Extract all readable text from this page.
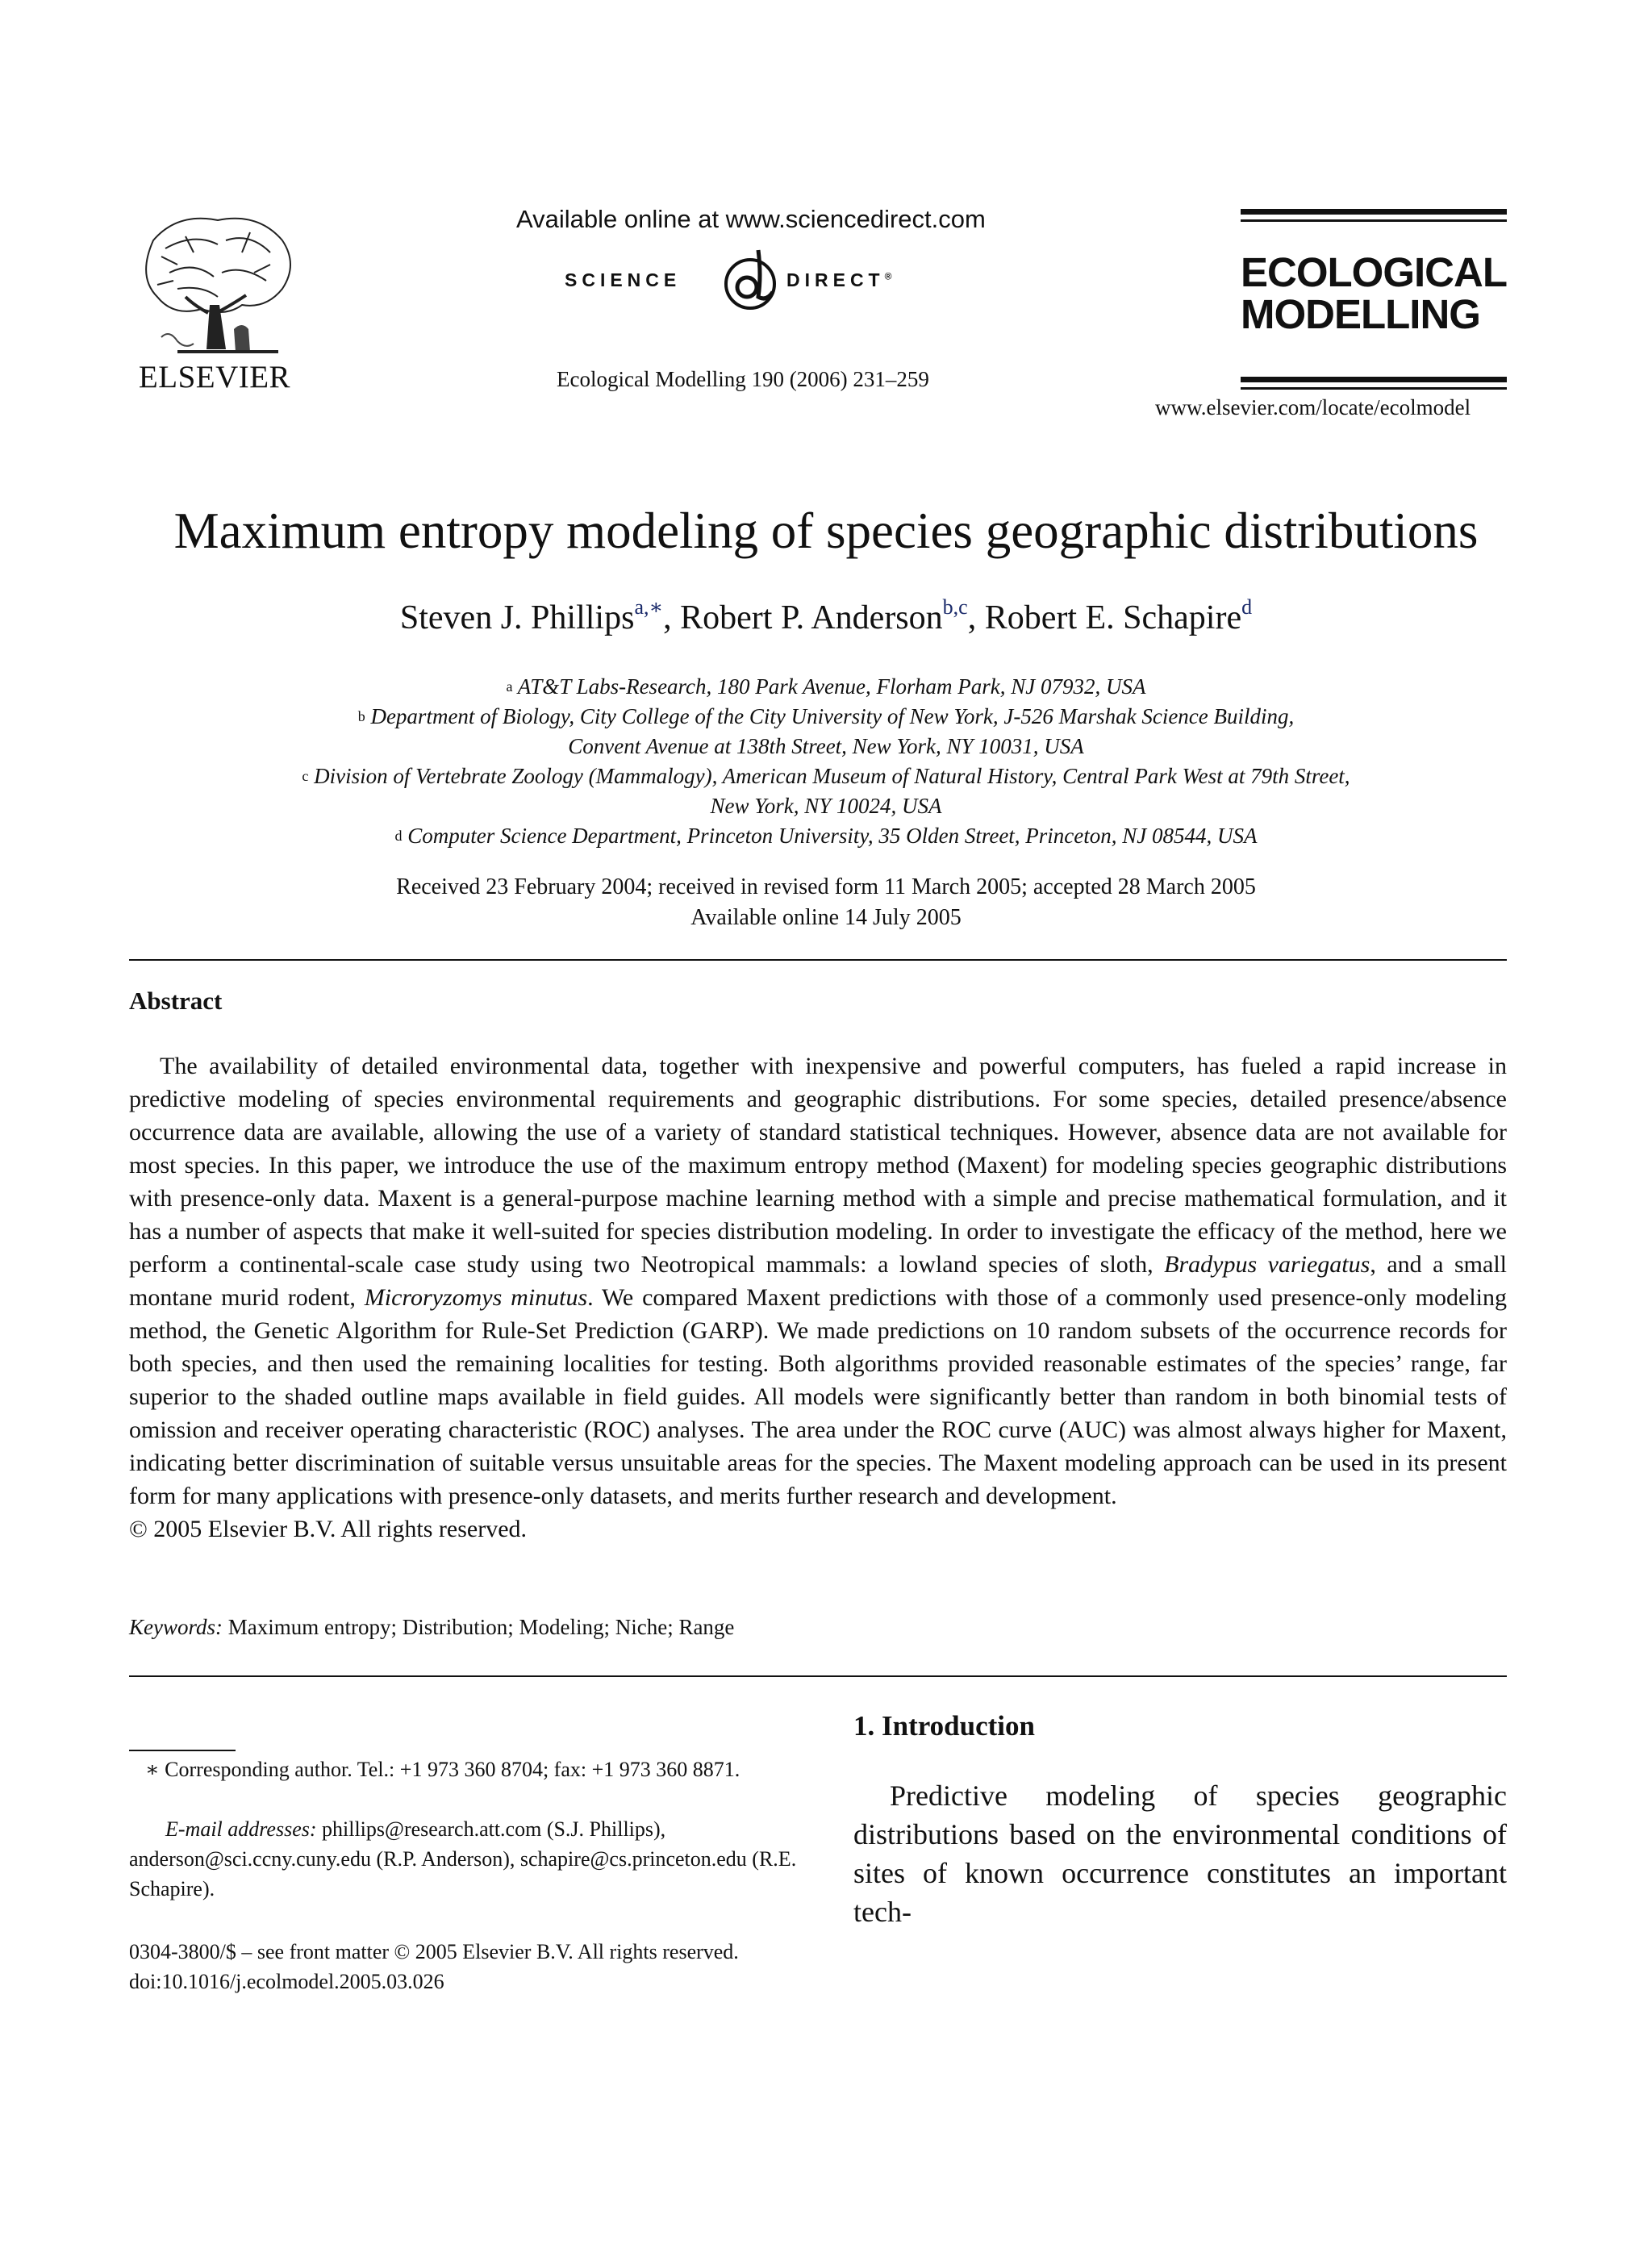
ELSEVIER
Available online at www.sciencedirect.com
SCIENCE	DIRECT®
Ecological Modelling 190 (2006) 231–259
ECOLOGICAL
MODELLING
www.elsevier.com/locate/ecolmodel
Maximum entropy modeling of species geographic distributions
Steven J. Phillips$^{a,∗}$, Robert P. Anderson$^{b,c}$, Robert E. Schapire$^d$
$^a$ AT&T Labs-Research, 180 Park Avenue, Florham Park, NJ 07932, USA
$^b$ Department of Biology, City College of the City University of New York, J-526 Marshak Science Building,
Convent Avenue at 138th Street, New York, NY 10031, USA
$^c$ Division of Vertebrate Zoology (Mammalogy), American Museum of Natural History, Central Park West at 79th Street,
New York, NY 10024, USA
$^d$ Computer Science Department, Princeton University, 35 Olden Street, Princeton, NJ 08544, USA
Received 23 February 2004; received in revised form 11 March 2005; accepted 28 March 2005
Available online 14 July 2005
Abstract
The availability of detailed environmental data, together with inexpensive and powerful computers, has fueled a rapid increase in predictive modeling of species environmental requirements and geographic distributions. For some species, detailed presence/absence occurrence data are available, allowing the use of a variety of standard statistical techniques. However, absence data are not available for most species. In this paper, we introduce the use of the maximum entropy method (Maxent) for modeling species geographic distributions with presence-only data. Maxent is a general-purpose machine learning method with a simple and precise mathematical formulation, and it has a number of aspects that make it well-suited for species distribution modeling. In order to investigate the efficacy of the method, here we perform a continental-scale case study using two Neotropical mammals: a lowland species of sloth, Bradypus variegatus, and a small montane murid rodent, Microryzomys minutus. We compared Maxent predictions with those of a commonly used presence-only modeling method, the Genetic Algorithm for Rule-Set Prediction (GARP). We made predictions on 10 random subsets of the occurrence records for both species, and then used the remaining localities for testing. Both algorithms provided reasonable estimates of the species’ range, far superior to the shaded outline maps available in field guides. All models were significantly better than random in both binomial tests of omission and receiver operating characteristic (ROC) analyses. The area under the ROC curve (AUC) was almost always higher for Maxent, indicating better discrimination of suitable versus unsuitable areas for the species. The Maxent modeling approach can be used in its present form for many applications with presence-only datasets, and merits further research and development.
© 2005 Elsevier B.V. All rights reserved.
Keywords: Maximum entropy; Distribution; Modeling; Niche; Range
∗ Corresponding author. Tel.: +1 973 360 8704; fax: +1 973 360 8871.
E-mail addresses: phillips@research.att.com (S.J. Phillips), anderson@sci.ccny.cuny.edu (R.P. Anderson), schapire@cs.princeton.edu (R.E. Schapire).
0304-3800/$ – see front matter © 2005 Elsevier B.V. All rights reserved.
doi:10.1016/j.ecolmodel.2005.03.026
1. Introduction
Predictive modeling of species geographic distributions based on the environmental conditions of sites of known occurrence constitutes an important tech-
